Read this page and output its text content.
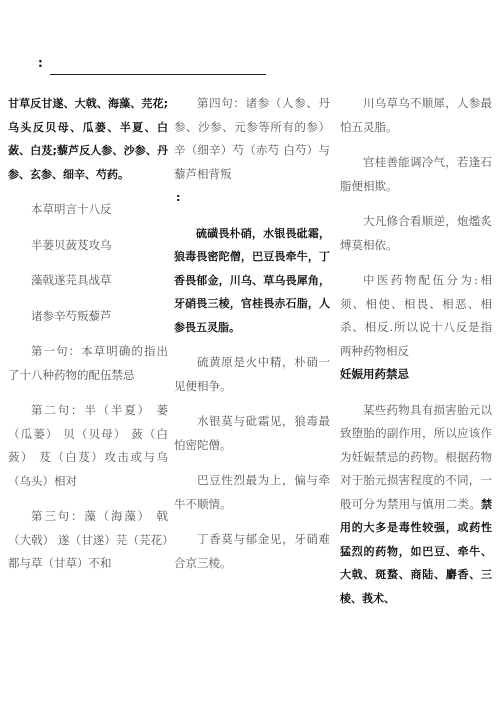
:

甘草反甘遂、大戟、海藻、芫花;乌头反贝母、瓜蒌、半夏、白蔹、白芨;藜芦反人参、沙参、丹参、玄参、细辛、芍药。

本草明言十八反

半蒌贝蔹芨攻乌

藻戟遂芫具战草

诸参辛芍叛藜芦

第一句：本草明确的指出了十八种药物的配伍禁忌

第二句：半（半夏） 蒌（瓜蒌） 贝（贝母） 蔹（白蔹） 芨（白芨）攻击或与乌（乌头）相对

第三句：藻（海藻） 戟（大戟） 遂（甘遂）芫（芫花）都与草（甘草）不和

第四句：诸参（人参、丹参、沙参、元参等所有的参）辛（细辛）芍（赤芍 白芍）与藜芦相背叛

:

硫磺畏朴硝，水银畏砒霜，狼毒畏密陀僧，巴豆畏牵牛，丁香畏郁金，川乌、草乌畏犀角，牙硝畏三棱，官桂畏赤石脂，人参畏五灵脂。

硫黄原是火中精，朴硝一见便相争。

水银莫与砒霜见，狼毒最怕密陀僧。

巴豆性烈最为上，偏与牵牛不顺情。

丁香莫与郁金见，牙硝难合京三棱。

川乌草乌不顺犀，人参最怕五灵脂。

官桂善能调冷气，若逢石脂便相欺。

大凡修合看顺逆，炮爁炙煿莫相依。

中医药物配伍分为:相须、相使、相畏、相恶、相杀、相反.所以说十八反是指两种药物相反

妊娠用药禁忌

某些药物具有损害胎元以致堕胎的副作用，所以应该作为妊娠禁忌的药物。根据药物对于胎元损害程度的不同，一般可分为禁用与慎用二类。禁用的大多是毒性较强，或药性猛烈的药物，如巴豆、牵牛、大戟、斑蝥、商陆、麝香、三棱、莪术、
